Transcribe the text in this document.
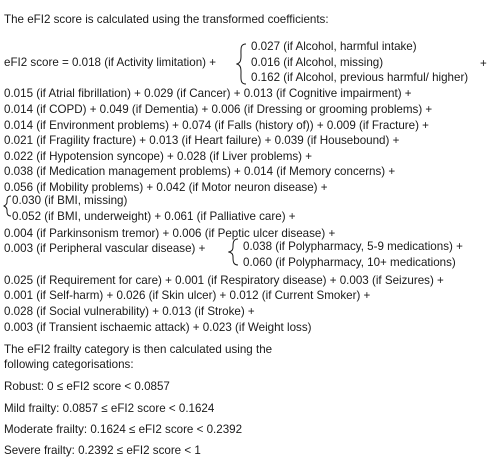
The eFI2 score is calculated using the transformed coefficients:
eFI2 score = 0.018 (if Activity limitation) +
0.027 (if Alcohol, harmful intake)
0.016 (if Alcohol, missing)
0.162 (if Alcohol, previous harmful/ higher)
+
0.015 (if Atrial fibrillation) + 0.029 (if Cancer) + 0.013 (if Cognitive impairment) +
0.014 (if COPD) + 0.049 (if Dementia) + 0.006 (if Dressing or grooming problems) +
0.014 (if Environment problems) + 0.074 (if Falls (history of)) + 0.009 (if Fracture) +
0.021 (if Fragility fracture) + 0.013 (if Heart failure) + 0.039 (if Housebound) +
0.022 (if Hypotension syncope) + 0.028 (if Liver problems) +
0.038 (if Medication management problems) + 0.014 (if Memory concerns) +
0.056 (if Mobility problems) + 0.042 (if Motor neuron disease) +
0.030 (if BMI, missing)
0.052 (if BMI, underweight) + 0.061 (if Palliative care) +
0.004 (if Parkinsonism tremor) + 0.006 (if Peptic ulcer disease) +
0.003 (if Peripheral vascular disease) +	0.038 (if Polypharmacy, 5-9 medications) +
0.060 (if Polypharmacy, 10+ medications)
0.025 (if Requirement for care) + 0.001 (if Respiratory disease) + 0.003 (if Seizures) +
0.001 (if Self-harm) + 0.026 (if Skin ulcer) + 0.012 (if Current Smoker) +
0.028 (if Social vulnerability) + 0.013 (if Stroke) +
0.003 (if Transient ischaemic attack) + 0.023 (if Weight loss)
The eFI2 frailty category is then calculated using the
following categorisations:
Robust: 0 ≤ eFI2 score < 0.0857
Mild frailty: 0.0857 ≤ eFI2 score < 0.1624
Moderate frailty: 0.1624 ≤ eFI2 score < 0.2392
Severe frailty: 0.2392 ≤ eFI2 score < 1
